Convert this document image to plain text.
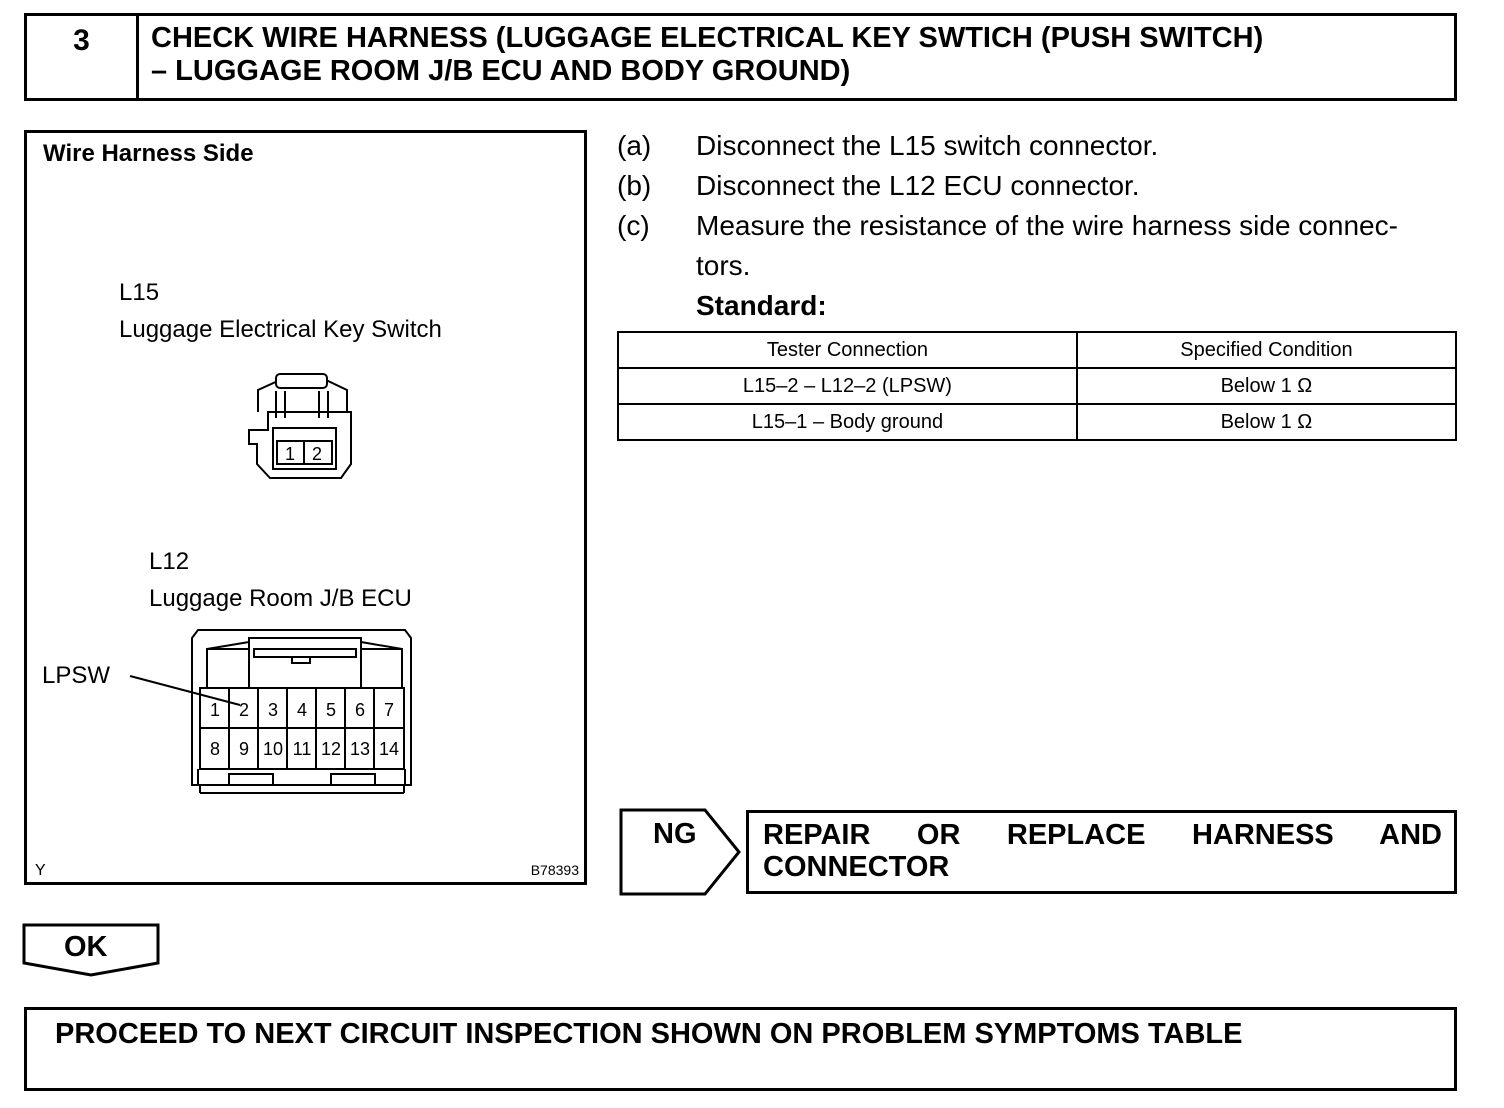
3	CHECK WIRE HARNESS (LUGGAGE ELECTRICAL KEY SWTICH (PUSH SWITCH)
– LUGGAGE ROOM J/B ECU AND BODY GROUND)
Wire Harness Side
L15
Luggage Electrical Key Switch
1 2
L12
Luggage Room J/B ECU
1 2 3 4 5 6 7
8 9 10 11 12 13 14
LPSW
Y	B78393
(a) Disconnect the L15 switch connector.
(b) Disconnect the L12 ECU connector.
(c) Measure the resistance of the wire harness side connec-
tors.
Standard:
Tester Connection	Specified Condition
L15–2 – L12–2 (LPSW)	Below 1 Ω
L15–1 – Body ground	Below 1 Ω
NG REPAIR OR REPLACE HARNESS AND CONNECTOR
OK
PROCEED TO NEXT CIRCUIT INSPECTION SHOWN ON PROBLEM SYMPTOMS TABLE
